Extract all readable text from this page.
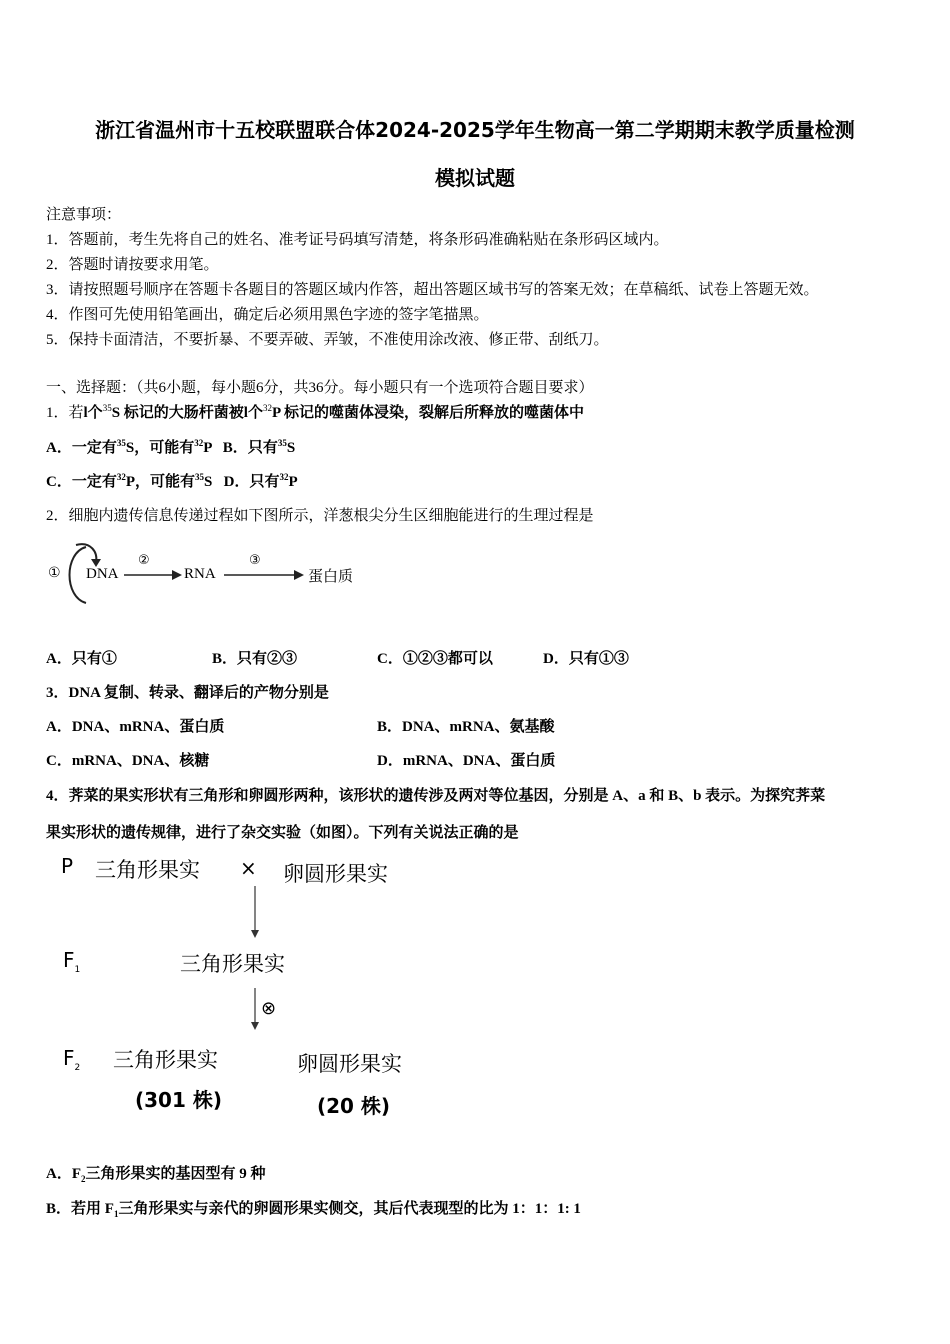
浙江省温州市十五校联盟联合体2024-2025学年生物高一第二学期期末教学质量检测
模拟试题
注意事项：
1．答题前，考生先将自己的姓名、准考证号码填写清楚，将条形码准确粘贴在条形码区域内。
2．答题时请按要求用笔。
3．请按照题号顺序在答题卡各题目的答题区域内作答，超出答题区域书写的答案无效；在草稿纸、试卷上答题无效。
4．作图可先使用铅笔画出，确定后必须用黑色字迹的签字笔描黑。
5．保持卡面清洁，不要折暴、不要弄破、弄皱，不准使用涂改液、修正带、刮纸刀。
一、选择题：（共6小题，每小题6分，共36分。每小题只有一个选项符合题目要求）
1．若l个$^{35}$S 标记的大肠杆菌被l个$^{32}$P 标记的噬菌体浸染，裂解后所释放的噬菌体中
A．一定有$^{35}$S，可能有$^{32}$P B．只有$^{35}$S
C．一定有$^{32}$P，可能有$^{35}$S D．只有$^{32}$P
2．细胞内遗传信息传递过程如下图所示，洋葱根尖分生区细胞能进行的生理过程是
① DNA
②
RNA
③
蛋白质
A．只有①	B．只有②③	C．①②③都可以	D．只有①③
3．DNA 复制、转录、翻译后的产物分别是
A．DNA、mRNA、蛋白质	B．DNA、mRNA、氨基酸
C．mRNA、DNA、核糖	D．mRNA、DNA、蛋白质
4．荠菜的果实形状有三角形和卵圆形两种，该形状的遗传涉及两对等位基因，分别是 A、a 和 B、b 表示。为探究荠菜
果实形状的遗传规律，进行了杂交实验（如图）。下列有关说法正确的是
P 三角形果实 × 卵圆形果实
$F_1$	三角形果实
⊗
$F_2$ 三角形果实
(301 株)
卵圆形果实
(20 株)
A．$F_2$三角形果实的基因型有 9 种
B．若用 $F_1$三角形果实与亲代的卵圆形果实侧交，其后代表现型的比为 1：1：1: 1
